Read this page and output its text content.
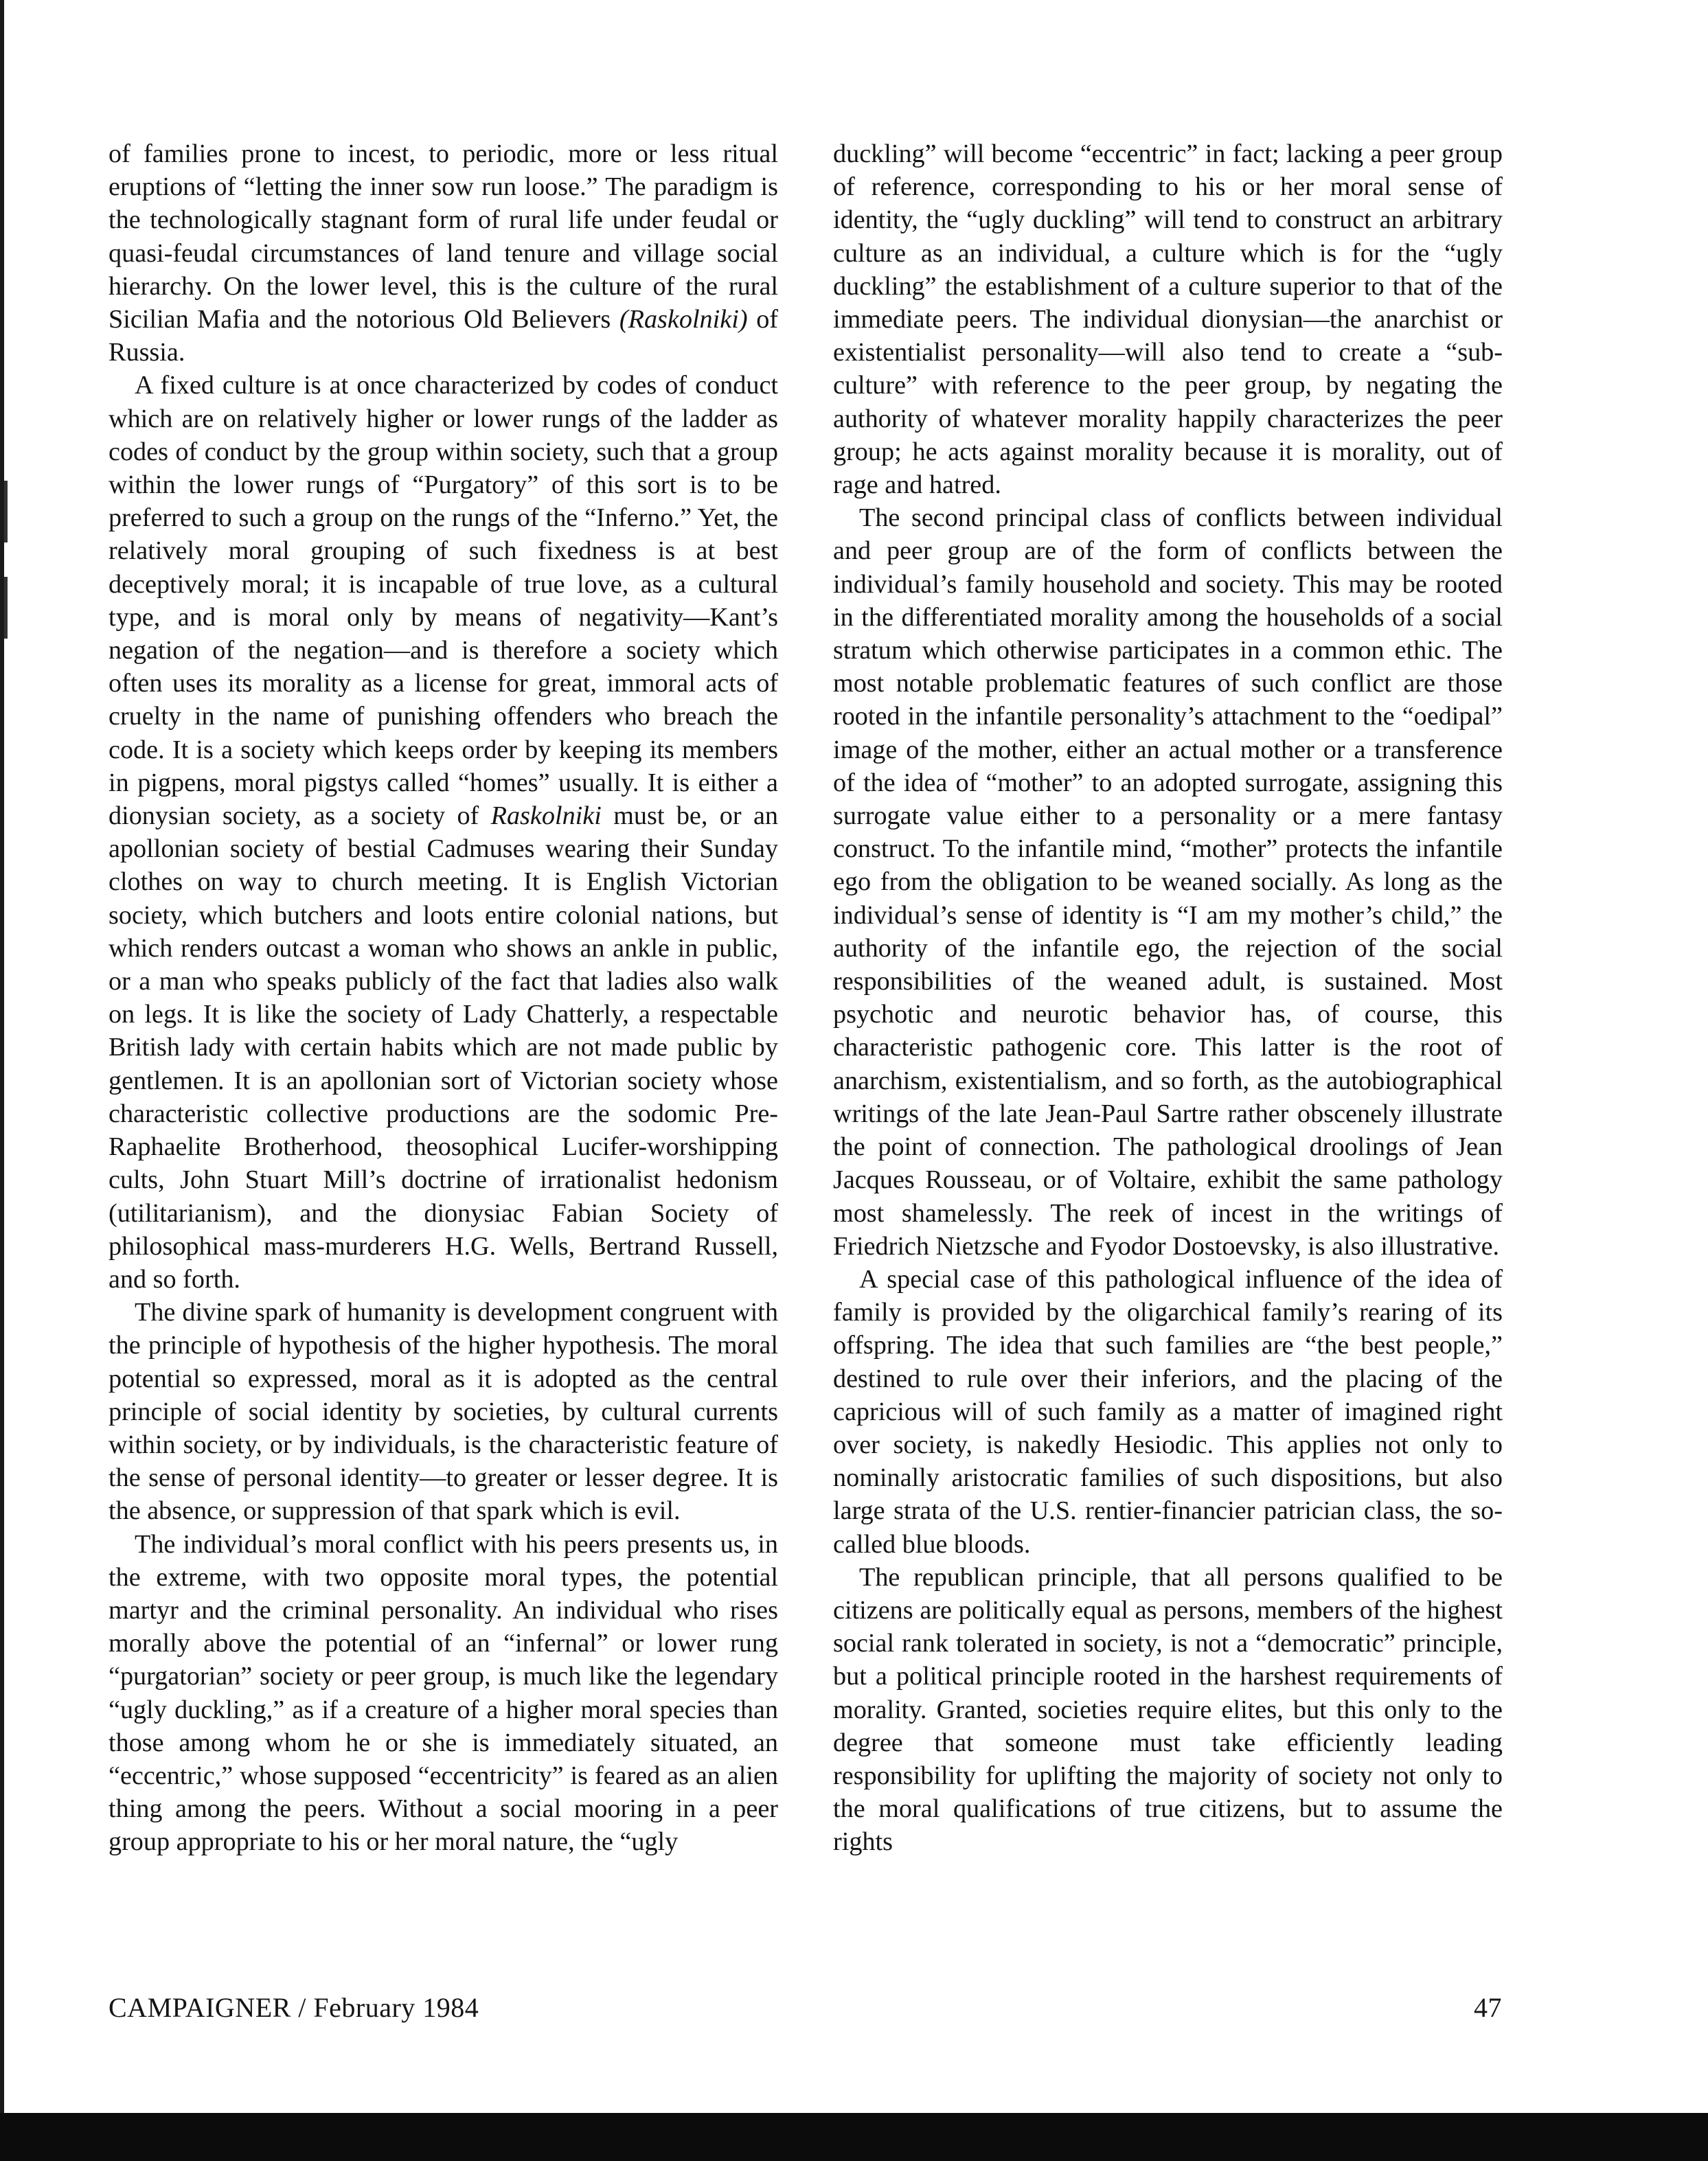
of families prone to incest, to periodic, more or less ritual eruptions of “letting the inner sow run loose.” The paradigm is the technologically stagnant form of rural life under feudal or quasi-feudal circumstances of land tenure and village social hierarchy. On the lower level, this is the culture of the rural Sicilian Mafia and the notorious Old Believers (Raskolniki) of Russia.

A fixed culture is at once characterized by codes of conduct which are on relatively higher or lower rungs of the ladder as codes of conduct by the group within society, such that a group within the lower rungs of “Purgatory” of this sort is to be preferred to such a group on the rungs of the “Inferno.” Yet, the relatively moral grouping of such fixedness is at best deceptively moral; it is incapable of true love, as a cultural type, and is moral only by means of negativity—Kant’s negation of the negation—and is therefore a society which often uses its morality as a license for great, immoral acts of cruelty in the name of punishing offenders who breach the code. It is a society which keeps order by keeping its members in pigpens, moral pigstys called “homes” usually. It is either a dionysian society, as a society of Raskolniki must be, or an apollonian society of bestial Cadmuses wearing their Sunday clothes on way to church meeting. It is English Victorian society, which butchers and loots entire colonial nations, but which renders outcast a woman who shows an ankle in public, or a man who speaks publicly of the fact that ladies also walk on legs. It is like the society of Lady Chatterly, a respectable British lady with certain habits which are not made public by gentlemen. It is an apollonian sort of Victorian society whose characteristic collective productions are the sodomic Pre-Raphaelite Brotherhood, theosophical Lucifer-worshipping cults, John Stuart Mill’s doctrine of irrationalist hedonism (utilitarianism), and the dionysiac Fabian Society of philosophical mass-murderers H.G. Wells, Bertrand Russell, and so forth.

The divine spark of humanity is development congruent with the principle of hypothesis of the higher hypothesis. The moral potential so expressed, moral as it is adopted as the central principle of social identity by societies, by cultural currents within society, or by individuals, is the characteristic feature of the sense of personal identity—to greater or lesser degree. It is the absence, or suppression of that spark which is evil.

The individual’s moral conflict with his peers presents us, in the extreme, with two opposite moral types, the potential martyr and the criminal personality. An individual who rises morally above the potential of an “infernal” or lower rung “purgatorian” society or peer group, is much like the legendary “ugly duckling,” as if a creature of a higher moral species than those among whom he or she is immediately situated, an “eccentric,” whose supposed “eccentricity” is feared as an alien thing among the peers. Without a social mooring in a peer group appropriate to his or her moral nature, the “ugly

duckling” will become “eccentric” in fact; lacking a peer group of reference, corresponding to his or her moral sense of identity, the “ugly duckling” will tend to construct an arbitrary culture as an individual, a culture which is for the “ugly duckling” the establishment of a culture superior to that of the immediate peers. The individual dionysian—the anarchist or existentialist personality—will also tend to create a “sub-culture” with reference to the peer group, by negating the authority of whatever morality happily characterizes the peer group; he acts against morality because it is morality, out of rage and hatred.

The second principal class of conflicts between individual and peer group are of the form of conflicts between the individual’s family household and society. This may be rooted in the differentiated morality among the households of a social stratum which otherwise participates in a common ethic. The most notable problematic features of such conflict are those rooted in the infantile personality’s attachment to the “oedipal” image of the mother, either an actual mother or a transference of the idea of “mother” to an adopted surrogate, assigning this surrogate value either to a personality or a mere fantasy construct. To the infantile mind, “mother” protects the infantile ego from the obligation to be weaned socially. As long as the individual’s sense of identity is “I am my mother’s child,” the authority of the infantile ego, the rejection of the social responsibilities of the weaned adult, is sustained. Most psychotic and neurotic behavior has, of course, this characteristic pathogenic core. This latter is the root of anarchism, existentialism, and so forth, as the autobiographical writings of the late Jean-Paul Sartre rather obscenely illustrate the point of connection. The pathological droolings of Jean Jacques Rousseau, or of Voltaire, exhibit the same pathology most shamelessly. The reek of incest in the writings of Friedrich Nietzsche and Fyodor Dostoevsky, is also illustrative.

A special case of this pathological influence of the idea of family is provided by the oligarchical family’s rearing of its offspring. The idea that such families are “the best people,” destined to rule over their inferiors, and the placing of the capricious will of such family as a matter of imagined right over society, is nakedly Hesiodic. This applies not only to nominally aristocratic families of such dispositions, but also large strata of the U.S. rentier-financier patrician class, the so-called blue bloods.

The republican principle, that all persons qualified to be citizens are politically equal as persons, members of the highest social rank tolerated in society, is not a “democratic” principle, but a political principle rooted in the harshest requirements of morality. Granted, societies require elites, but this only to the degree that someone must take efficiently leading responsibility for uplifting the majority of society not only to the moral qualifications of true citizens, but to assume the rights

CAMPAIGNER / February 1984	47
